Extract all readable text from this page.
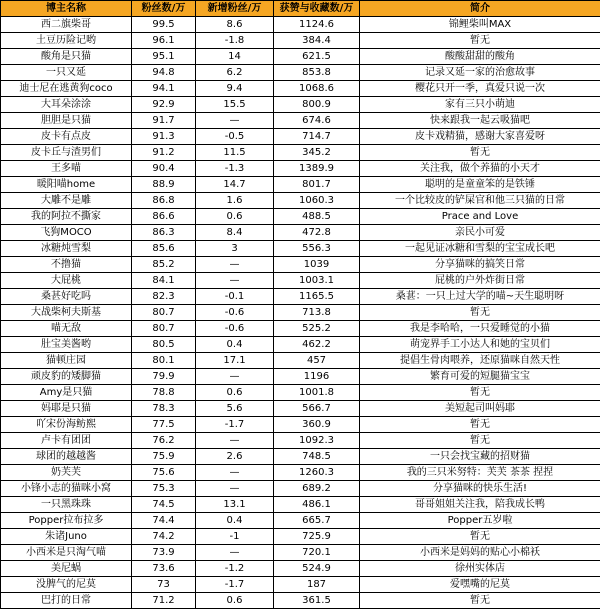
博主名称	粉丝数/万	新增粉丝/万	获赞与收藏数/万	简介
西二旗柴哥	99.5	8.6	1124.6	锦鲤柴叫MAX
土豆历险记哟	96.1	-1.8	384.4	暂无
酸角是只猫	95.1	14	621.5	酸酸甜甜的酸角
一只又延	94.8	6.2	853.8	记录又延一家的治愈故事
迪士尼在逃黄狗coco	94.1	9.4	1068.6	樱花只开一季，真爱只说一次
大耳朵涂涂	92.9	15.5	800.9	家有三只小萌迪
胆胆是只猫	91.7	—	674.6	快来跟我一起云吸猫吧
皮卡有点皮	91.3	-0.5	714.7	皮卡戏精猫，感谢大家喜爱呀
皮卡丘与渣男们	91.2	11.5	345.2	暂无
王多喵	90.4	-1.3	1389.9	关注我，做个养猫的小天才
暖阳喵home	88.9	14.7	801.7	聪明的是童童笨的是铁锤
大雕不是雕	86.8	1.6	1060.3	一个比较皮的铲屎官和他三只猫的日常
我的阿拉不撕家	86.6	0.6	488.5	Prace and Love
飞狗MOCO	86.3	8.4	472.8	亲民小可爱
冰糖炖雪梨	85.6	3	556.3	一起见证冰糖和雪梨的宝宝成长吧
不撸猫	85.2	—	1039	分享猫咪的搞笑日常
大屁桃	84.1	—	1003.1	屁桃的户外炸街日常
桑甚好吃吗	82.3	-0.1	1165.5	桑葚：一只上过大学的喵~天生聪明呀
大战柴柯夫斯基	80.7	-0.6	713.8	暂无
喵无敌	80.7	-0.6	525.2	我是李哈哈，一只爱睡觉的小猫
肚宝美酱哟	80.5	0.4	462.2	萌宠界手工小达人和她的宝贝们
猫顿庄园	80.1	17.1	457	提倡生骨肉喂养，还原猫咪自然天性
顽皮豹的矮脚猫	79.9	—	1196	繁育可爱的短腿猫宝宝
Amy是只猫	78.8	0.6	1001.8	暂无
妈耶是只猫	78.3	5.6	566.7	美短起司叫妈耶
吖宋份海鲂熙	77.5	-1.7	360.9	暂无
卢卡有团团	76.2	—	1092.3	暂无
球团的越越酱	75.9	2.6	748.5	一只会找宝藏的招财猫
奶芙芙	75.6	—	1260.3	我的三只米努特：芙芙 茶茶 捏捏
小锋小志的猫咪小窝	75.3	—	689.2	分享猫咪的快乐生活!
一只黑珠珠	74.5	13.1	486.1	哥哥姐姐关注我，陪我成长鸭
Popper拉布拉多	74.4	0.4	665.7	Popper五岁啦
朱诸Juno	74.2	-1	725.9	暂无
小西米是只淘气喵	73.9	—	720.1	小西米是妈妈的贴心小棉袄
美尼蜗	73.6	-1.2	524.9	徐州实体店
没脾气的尼莫	73	-1.7	187	爱嘿嘴的尼莫
巴打的日常	71.2	0.6	361.5	暂无
